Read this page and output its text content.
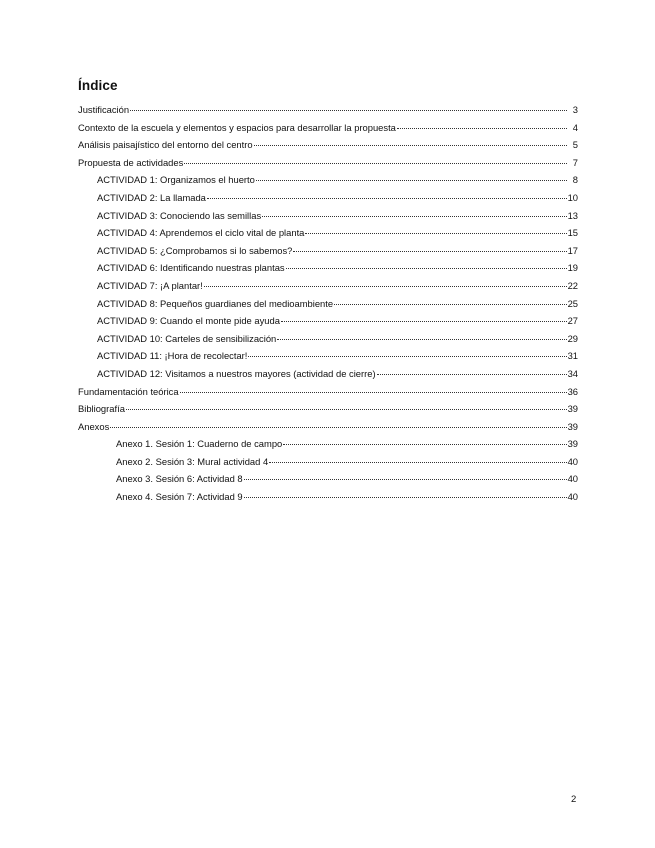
Índice
Justificación	3
Contexto de la escuela y elementos y espacios para desarrollar la propuesta	4
Análisis paisajístico del entorno del centro	5
Propuesta de actividades	7
ACTIVIDAD 1: Organizamos el huerto	8
ACTIVIDAD 2: La llamada	10
ACTIVIDAD 3: Conociendo las semillas	13
ACTIVIDAD 4: Aprendemos el ciclo vital de planta	15
ACTIVIDAD 5: ¿Comprobamos si lo sabemos?	17
ACTIVIDAD 6: Identificando nuestras plantas	19
ACTIVIDAD 7: ¡A plantar!	22
ACTIVIDAD 8: Pequeños guardianes del medioambiente	25
ACTIVIDAD 9: Cuando el monte pide ayuda	27
ACTIVIDAD 10: Carteles de sensibilización	29
ACTIVIDAD 11: ¡Hora de recolectar!	31
ACTIVIDAD 12: Visitamos a nuestros mayores (actividad de cierre)	34
Fundamentación teórica	36
Bibliografía	39
Anexos	39
Anexo 1. Sesión 1: Cuaderno de campo	39
Anexo 2. Sesión 3: Mural actividad 4	40
Anexo 3. Sesión 6: Actividad 8	40
Anexo 4. Sesión 7: Actividad 9	40
2
